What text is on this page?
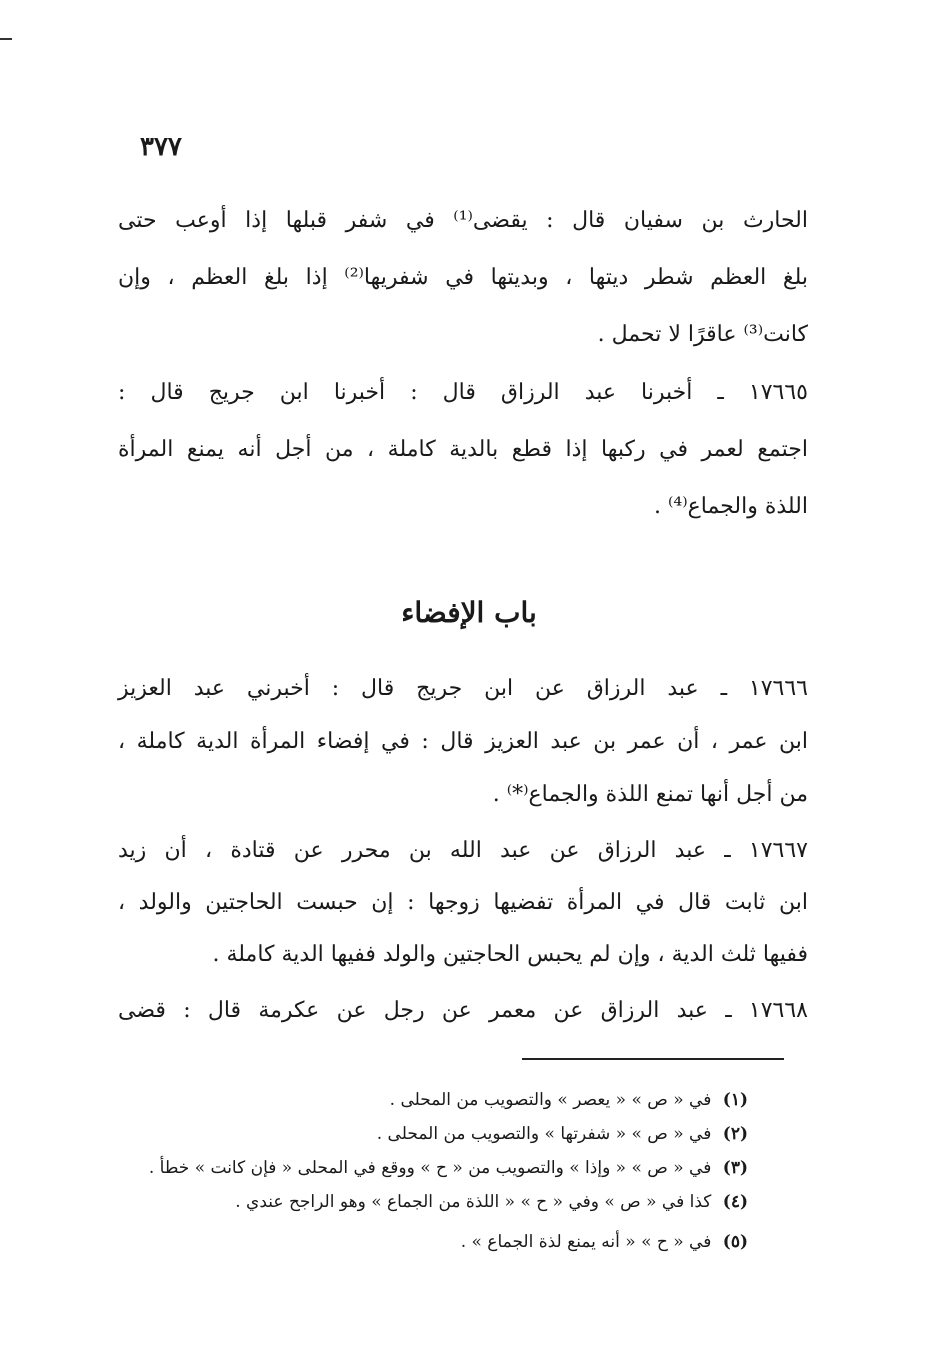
٣٧٧
الحارث بن سفيان قال : يقضى⁽¹⁾ في شفر قبلها إذا أوعب حتى
بلغ العظم شطر ديتها ، وبديتها في شفريها⁽²⁾ إذا بلغ العظم ، وإن
كانت⁽³⁾ عاقرًا لا تحمل .
١٧٦٦٥ ـ أخبرنا عبد الرزاق قال : أخبرنا ابن جريج قال :
اجتمع لعمر في ركبها إذا قطع بالدية كاملة ، من أجل أنه يمنع المرأة
اللذة والجماع⁽⁴⁾ .
باب الإفضاء
١٧٦٦٦ ـ عبد الرزاق عن ابن جريج قال : أخبرني عبد العزيز
ابن عمر ، أن عمر بن عبد العزيز قال : في إفضاء المرأة الدية كاملة ،
من أجل أنها تمنع اللذة والجماع⁽*⁾ .
١٧٦٦٧ ـ عبد الرزاق عن عبد الله بن محرر عن قتادة ، أن زيد
ابن ثابت قال في المرأة تفضيها زوجها : إن حبست الحاجتين والولد ،
ففيها ثلث الدية ، وإن لم يحبس الحاجتين والولد ففيها الدية كاملة .
١٧٦٦٨ ـ عبد الرزاق عن معمر عن رجل عن عكرمة قال : قضى
(١) في « ص » « يعصر » والتصويب من المحلى .
(٢) في « ص » « شفرتها » والتصويب من المحلى .
(٣) في « ص » « وإذا » والتصويب من « ح » ووقع في المحلى « فإن كانت » خطأ .
(٤) كذا في « ص » وفي « ح » « اللذة من الجماع » وهو الراجح عندي .
(٥) في « ح » « أنه يمنع لذة الجماع » .
